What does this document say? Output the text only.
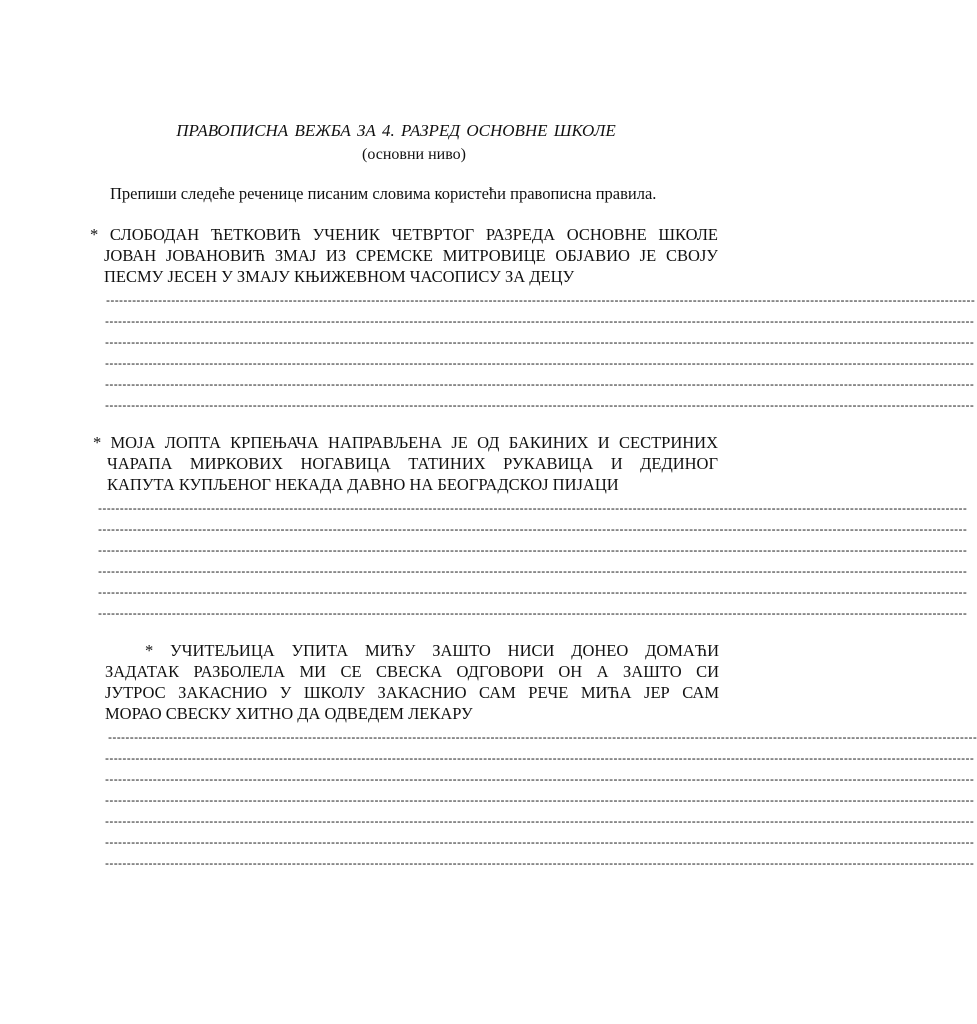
ПРАВОПИСНА ВЕЖБА ЗА 4. РАЗРЕД ОСНОВНЕ ШКОЛЕ
(основни ниво)
Препиши следеће реченице писаним словима користећи правописна правила.

* СЛОБОДАН ЋЕТКОВИЋ УЧЕНИК ЧЕТВРТОГ РАЗРЕДА ОСНОВНЕ ШКОЛЕ

ЈОВАН ЈОВАНОВИЋ ЗМАЈ ИЗ СРЕМСКЕ МИТРОВИЦЕ ОБЈАВИО ЈЕ СВОЈУ

ПЕСМУ ЈЕСЕН У ЗМАЈУ КЊИЖЕВНОМ ЧАСОПИСУ ЗА ДЕЦУ

--------------------------------------------------------------------------------------------------------------------------------------------------------------------------------------------------------
--------------------------------------------------------------------------------------------------------------------------------------------------------------------------------------------------------
--------------------------------------------------------------------------------------------------------------------------------------------------------------------------------------------------------
--------------------------------------------------------------------------------------------------------------------------------------------------------------------------------------------------------
--------------------------------------------------------------------------------------------------------------------------------------------------------------------------------------------------------
--------------------------------------------------------------------------------------------------------------------------------------------------------------------------------------------------------

* МОЈА ЛОПТА КРПЕЊАЧА НАПРАВЉЕНА ЈЕ ОД БАКИНИХ И СЕСТРИНИХ

ЧАРАПА МИРКОВИХ НОГАВИЦА ТАТИНИХ РУКАВИЦА И ДЕДИНОГ

КАПУТА КУПЉЕНОГ НЕКАДА ДАВНО НА БЕОГРАДСКОЈ ПИЈАЦИ

--------------------------------------------------------------------------------------------------------------------------------------------------------------------------------------------------------
--------------------------------------------------------------------------------------------------------------------------------------------------------------------------------------------------------
--------------------------------------------------------------------------------------------------------------------------------------------------------------------------------------------------------
--------------------------------------------------------------------------------------------------------------------------------------------------------------------------------------------------------
--------------------------------------------------------------------------------------------------------------------------------------------------------------------------------------------------------
--------------------------------------------------------------------------------------------------------------------------------------------------------------------------------------------------------

* УЧИТЕЉИЦА УПИТА МИЋУ ЗАШТО НИСИ ДОНЕО ДОМАЋИ

ЗАДАТАК РАЗБОЛЕЛА МИ СЕ СВЕСКА ОДГОВОРИ ОН А ЗАШТО СИ

ЈУТРОС ЗАКАСНИО У ШКОЛУ ЗАКАСНИО САМ РЕЧЕ МИЋА ЈЕР САМ

МОРАО СВЕСКУ ХИТНО ДА ОДВЕДЕМ ЛЕКАРУ

--------------------------------------------------------------------------------------------------------------------------------------------------------------------------------------------------------
--------------------------------------------------------------------------------------------------------------------------------------------------------------------------------------------------------
--------------------------------------------------------------------------------------------------------------------------------------------------------------------------------------------------------
--------------------------------------------------------------------------------------------------------------------------------------------------------------------------------------------------------
--------------------------------------------------------------------------------------------------------------------------------------------------------------------------------------------------------
--------------------------------------------------------------------------------------------------------------------------------------------------------------------------------------------------------
--------------------------------------------------------------------------------------------------------------------------------------------------------------------------------------------------------
